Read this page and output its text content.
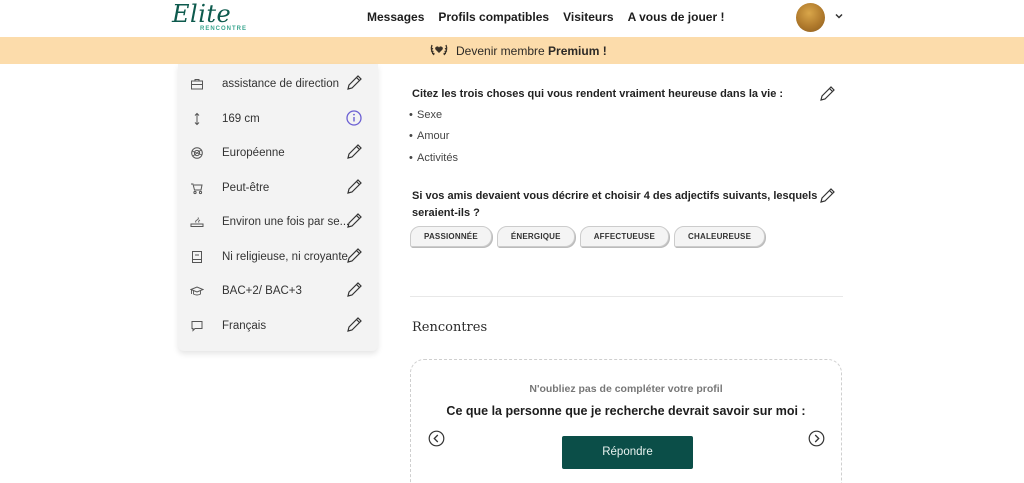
Elite
RENCONTRE
Messages Profils compatibles Visiteurs A vous de jouer !
Devenir membre Premium !
assistance de direction
169 cm
Européenne
Peut-être
Environ une fois par se...
Ni religieuse, ni croyante
BAC+2/ BAC+3
Français
Citez les trois choses qui vous rendent vraiment heureuse dans la vie :
• Sexe
• Amour
• Activités
Si vos amis devaient vous décrire et choisir 4 des adjectifs suivants, lesquels
seraient-ils ?
PASSIONNÉE	ÉNERGIQUE	AFFECTUEUSE	CHALEUREUSE
Rencontres
N'oubliez pas de compléter votre profil
Ce que la personne que je recherche devrait savoir sur moi :
Répondre
